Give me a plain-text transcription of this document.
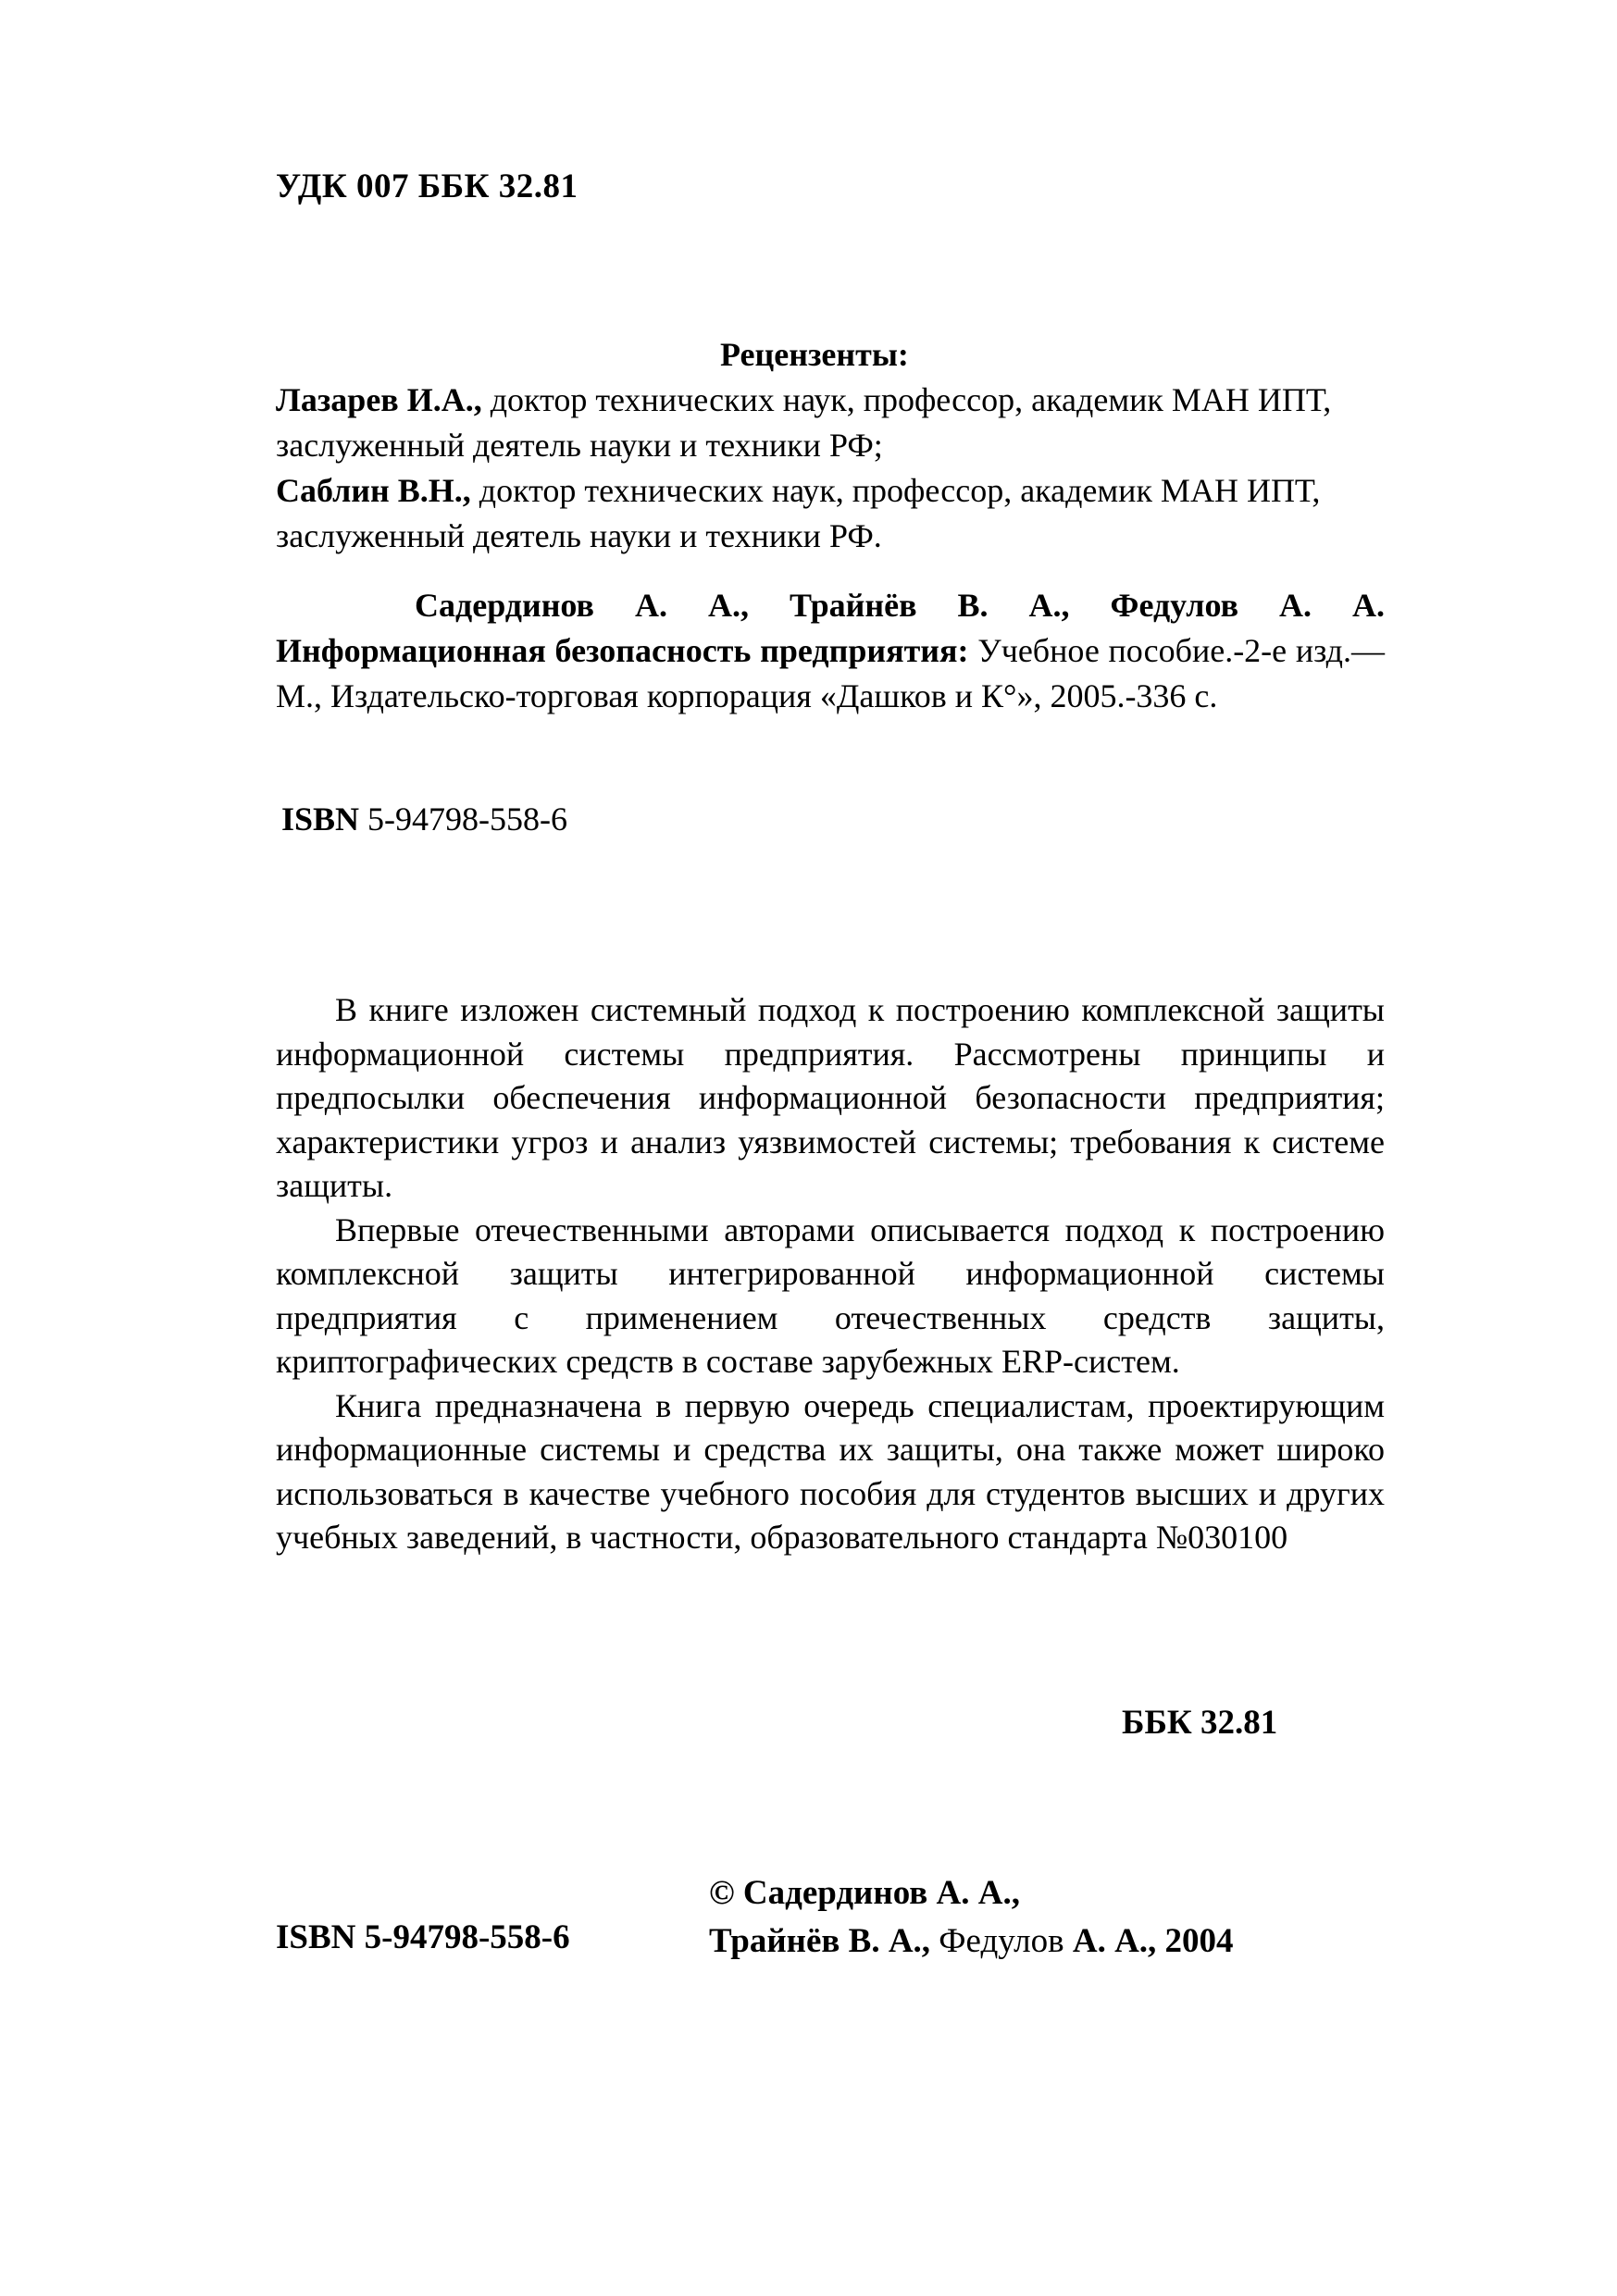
УДК 007 ББК 32.81
Рецензенты:

Лазарев И.А., доктор технических наук, профессор, академик МАН ИПТ, заслуженный деятель науки и техники РФ;

Саблин В.Н., доктор технических наук, профессор, академик МАН ИПТ, заслуженный деятель науки и техники РФ.

Садердинов А. А., Трайнёв В. А., Федулов А. А. Информационная безопасность предприятия: Учебное пособие.-2-е изд.—М., Издательско-торговая корпорация «Дашков и К°», 2005.-336 с.
ISBN 5-94798-558-6

В книге изложен системный подход к построению комплексной защиты информационной системы предприятия. Рассмотрены принципы и предпосылки обеспечения информационной безопасности предприятия; характеристики угроз и анализ уязвимостей системы; требования к системе защиты.

Впервые отечественными авторами описывается подход к построению комплексной защиты интегрированной информационной системы предприятия с применением отечественных средств защиты, криптографических средств в составе зарубежных ERP-систем.

Книга предназначена в первую очередь специалистам, проектирующим информационные системы и средства их защиты, она также может широко использоваться в качестве учебного пособия для студентов высших и других учебных заведений, в частности, образовательного стандарта №030100

ББК 32.81
ISBN 5-94798-558-6
© Садердинов А. А.,
Трайнёв В. А., Федулов А. А., 2004
